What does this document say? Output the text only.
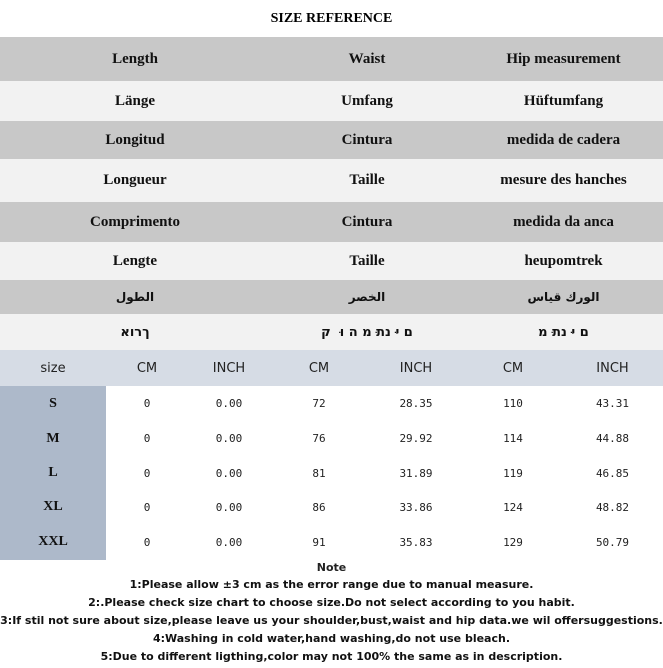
SIZE REFERENCE
Length	Waist	Hip measurement
Länge	Umfang	Hüftumfang
Longitud	Cintura	medida de cadera
Longueur	Taille	mesure des hanches
Comprimento	Cintura	medida da anca
Lengte	Taille	heupomtrek
الطول	الخصر	الورك قياس
ךרוא	ם י ּנת ּמ ה ו ּ ק	ם י ּנת ּמ
size	CM	INCH	CM	INCH	CM	INCH
S	0	0.00	72	28.35	110	43.31
M	0	0.00	76	29.92	114	44.88
L	0	0.00	81	31.89	119	46.85
XL	0	0.00	86	33.86	124	48.82
XXL	0	0.00	91	35.83	129	50.79
Note
1:Please allow ±3 cm as the error range due to manual measure.
2:.Please check size chart to choose size.Do not select according to you habit.
3:If stil not sure about size,please leave us your shoulder,bust,waist and hip data.we wil offersuggestions.
4:Washing in cold water,hand washing,do not use bleach.
5:Due to different ligthing,color may not 100% the same as in description.
